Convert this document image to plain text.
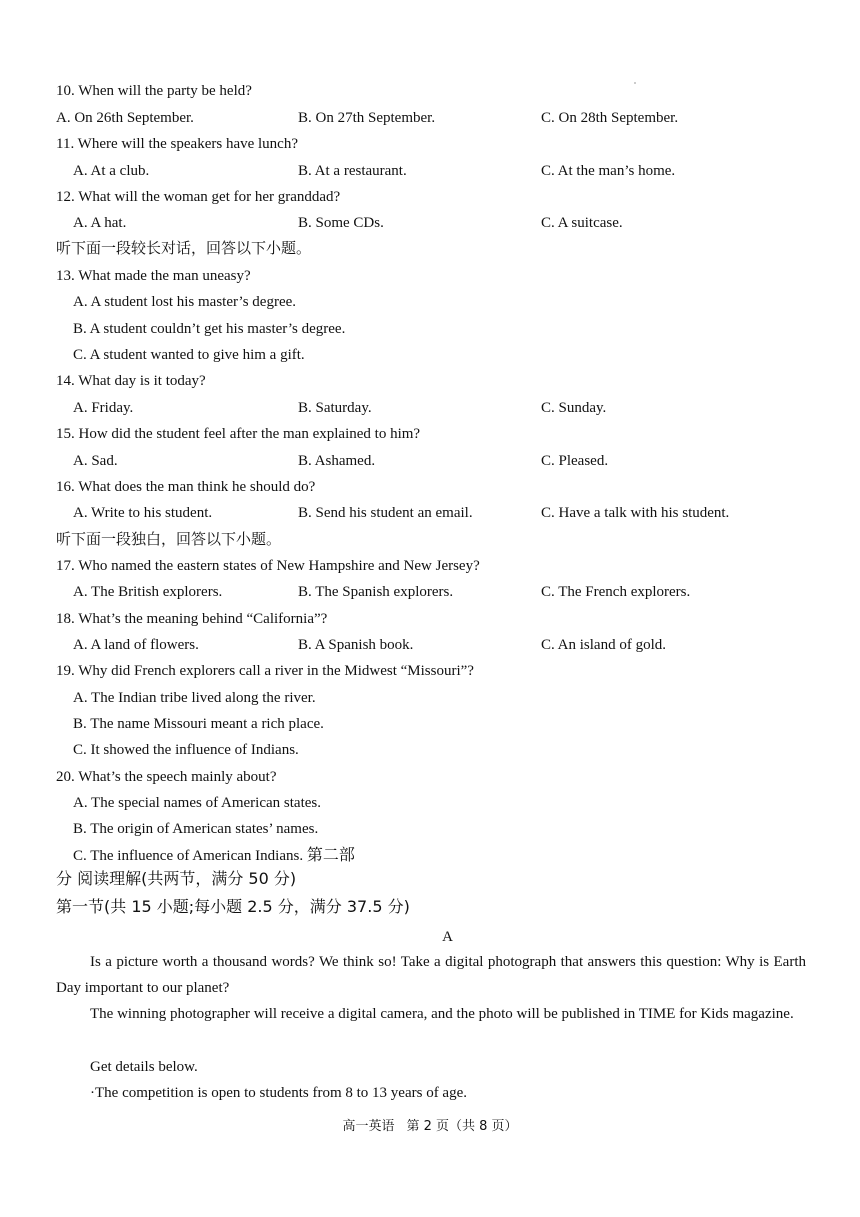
10. When will the party be held?
A. On 26th September.	B. On 27th September.	C. On 28th September.
11. Where will the speakers have lunch?
A. At a club.	B. At a restaurant.	C. At the man’s home.
12. What will the woman get for her granddad?
A. A hat.	B. Some CDs.	C. A suitcase.
听下面一段较长对话，回答以下小题。
13. What made the man uneasy?
A. A student lost his master’s degree.
B. A student couldn’t get his master’s degree.
C. A student wanted to give him a gift.
14. What day is it today?
A. Friday.	B. Saturday.	C. Sunday.
15. How did the student feel after the man explained to him?
A. Sad.	B. Ashamed.	C. Pleased.
16. What does the man think he should do?
A. Write to his student.	B. Send his student an email.	C. Have a talk with his student.
听下面一段独白，回答以下小题。
17. Who named the eastern states of New Hampshire and New Jersey?
A. The British explorers.	B. The Spanish explorers.	C. The French explorers.
18. What’s the meaning behind “California”?
A. A land of flowers.	B. A Spanish book.	C. An island of gold.
19. Why did French explorers call a river in the Midwest “Missouri”?
A. The Indian tribe lived along the river.
B. The name Missouri meant a rich place.
C. It showed the influence of Indians.
20. What’s the speech mainly about?
A. The special names of American states.
B. The origin of American states’ names.
C. The influence of American Indians. 第二部
分 阅读理解(共两节，满分 50 分)
第一节(共 15 小题;每小题 2.5 分，满分 37.5 分)
A
Is a picture worth a thousand words? We think so! Take a digital photograph that answers this question: Why is Earth Day important to our planet?
The winning photographer will receive a digital camera, and the photo will be published in TIME for Kids magazine.
Get details below.
·The competition is open to students from 8 to 13 years of age.
高一英语 第 2 页（共 8 页）
